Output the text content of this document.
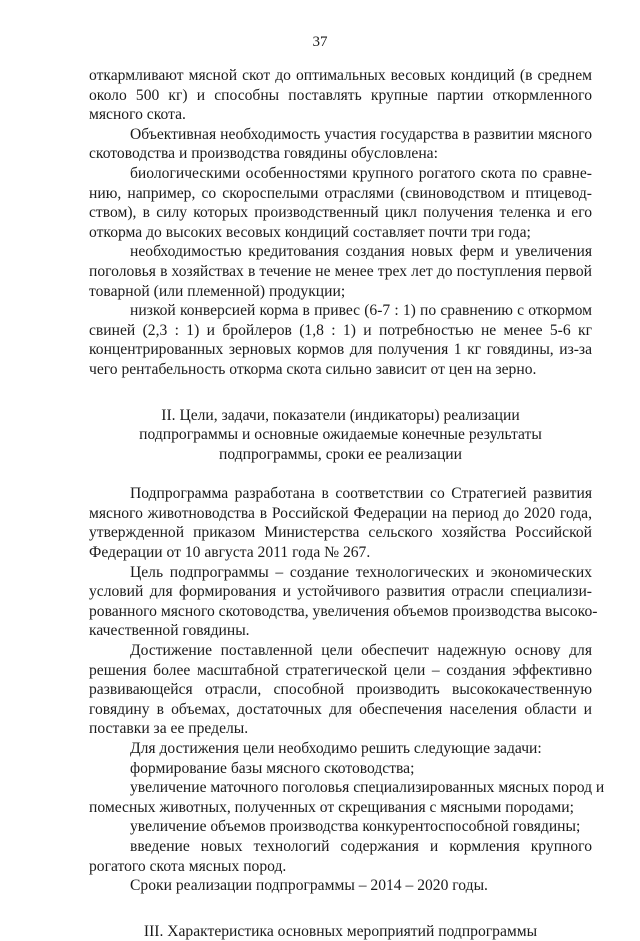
37
откармливают мясной скот до оптимальных весовых кондиций (в среднем
около 500 кг) и способны поставлять крупные партии откормленного
мясного скота.
Объективная необходимость участия государства в развитии мясного
скотоводства и производства говядины обусловлена:
биологическими особенностями крупного рогатого скота по сравне-
нию, например, со скороспелыми отраслями (свиноводством и птицевод-
ством), в силу которых производственный цикл получения теленка и его
откорма до высоких весовых кондиций составляет почти три года;
необходимостью кредитования создания новых ферм и увеличения
поголовья в хозяйствах в течение не менее трех лет до поступления первой
товарной (или племенной) продукции;
низкой конверсией корма в привес (6-7 : 1) по сравнению с откормом
свиней (2,3 : 1) и бройлеров (1,8 : 1) и потребностью не менее 5-6 кг
концентрированных зерновых кормов для получения 1 кг говядины, из-за
чего рентабельность откорма скота сильно зависит от цен на зерно.
II. Цели, задачи, показатели (индикаторы) реализации
подпрограммы и основные ожидаемые конечные результаты
подпрограммы, сроки ее реализации
Подпрограмма разработана в соответствии со Стратегией развития
мясного животноводства в Российской Федерации на период до 2020 года,
утвержденной приказом Министерства сельского хозяйства Российской
Федерации от 10 августа 2011 года № 267.
Цель подпрограммы – создание технологических и экономических
условий для формирования и устойчивого развития отрасли специализи-
рованного мясного скотоводства, увеличения объемов производства высоко-
качественной говядины.
Достижение поставленной цели обеспечит надежную основу для
решения более масштабной стратегической цели – создания эффективно
развивающейся отрасли, способной производить высококачественную
говядину в объемах, достаточных для обеспечения населения области и
поставки за ее пределы.
Для достижения цели необходимо решить следующие задачи:
формирование базы мясного скотоводства;
увеличение маточного поголовья специализированных мясных пород и
помесных животных, полученных от скрещивания с мясными породами;
увеличение объемов производства конкурентоспособной говядины;
введение новых технологий содержания и кормления крупного
рогатого скота мясных пород.
Сроки реализации подпрограммы – 2014 – 2020 годы.
III. Характеристика основных мероприятий подпрограммы
